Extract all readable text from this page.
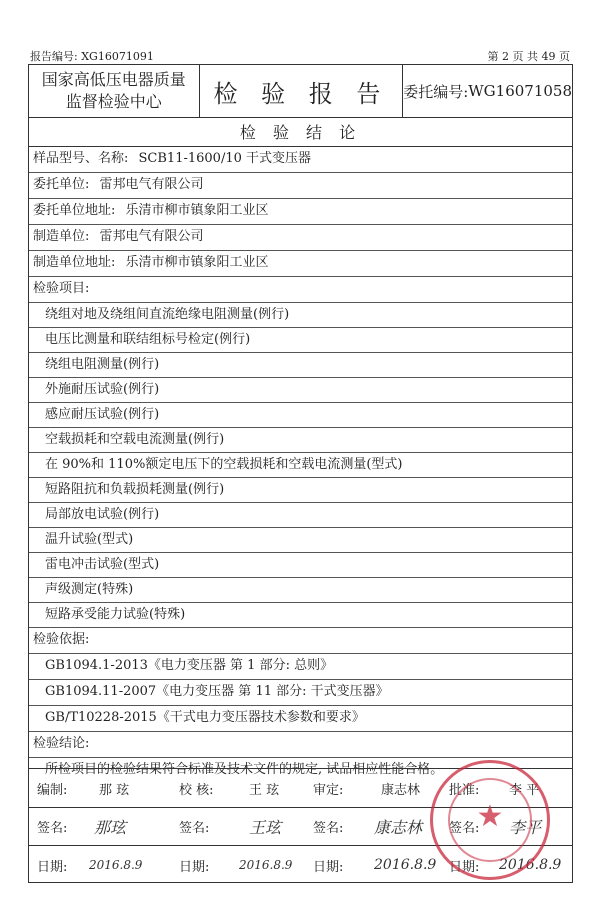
报告编号: XG16071091	第 2 页 共 49 页
国家高低压电器质量
监督检验中心	检 验 报 告 委托编号: WG16071058
检 验 结 论
样品型号、名称: SCB11-1600/10 干式变压器
委托单位: 雷邦电气有限公司
委托单位地址: 乐清市柳市镇象阳工业区
制造单位: 雷邦电气有限公司
制造单位地址: 乐清市柳市镇象阳工业区
检验项目:
绕组对地及绕组间直流绝缘电阻测量(例行)
电压比测量和联结组标号检定(例行)
绕组电阻测量(例行)
外施耐压试验(例行)
感应耐压试验(例行)
空载损耗和空载电流测量(例行)
在 90%和 110%额定电压下的空载损耗和空载电流测量(型式)
短路阻抗和负载损耗测量(例行)
局部放电试验(例行)
温升试验(型式)
雷电冲击试验(型式)
声级测定(特殊)
短路承受能力试验(特殊)
检验依据:
GB1094.1-2013《电力变压器 第 1 部分: 总则》
GB1094.11-2007《电力变压器 第 11 部分: 干式变压器》
GB/T10228-2015《干式电力变压器技术参数和要求》
检验结论:
所检项目的检验结果符合标准及技术文件的规定, 试品相应性能合格。
编制: 那 玹	校 核:	王 玹	审定:	康志林 批准: 李 平
签名: 那玹	签名: 王玹 签名: 康志林 签名: 李平
日期: 2016.8.9	日期: 2016.8.9 日期: 2016.8.9 日期: 2016.8.9
★
